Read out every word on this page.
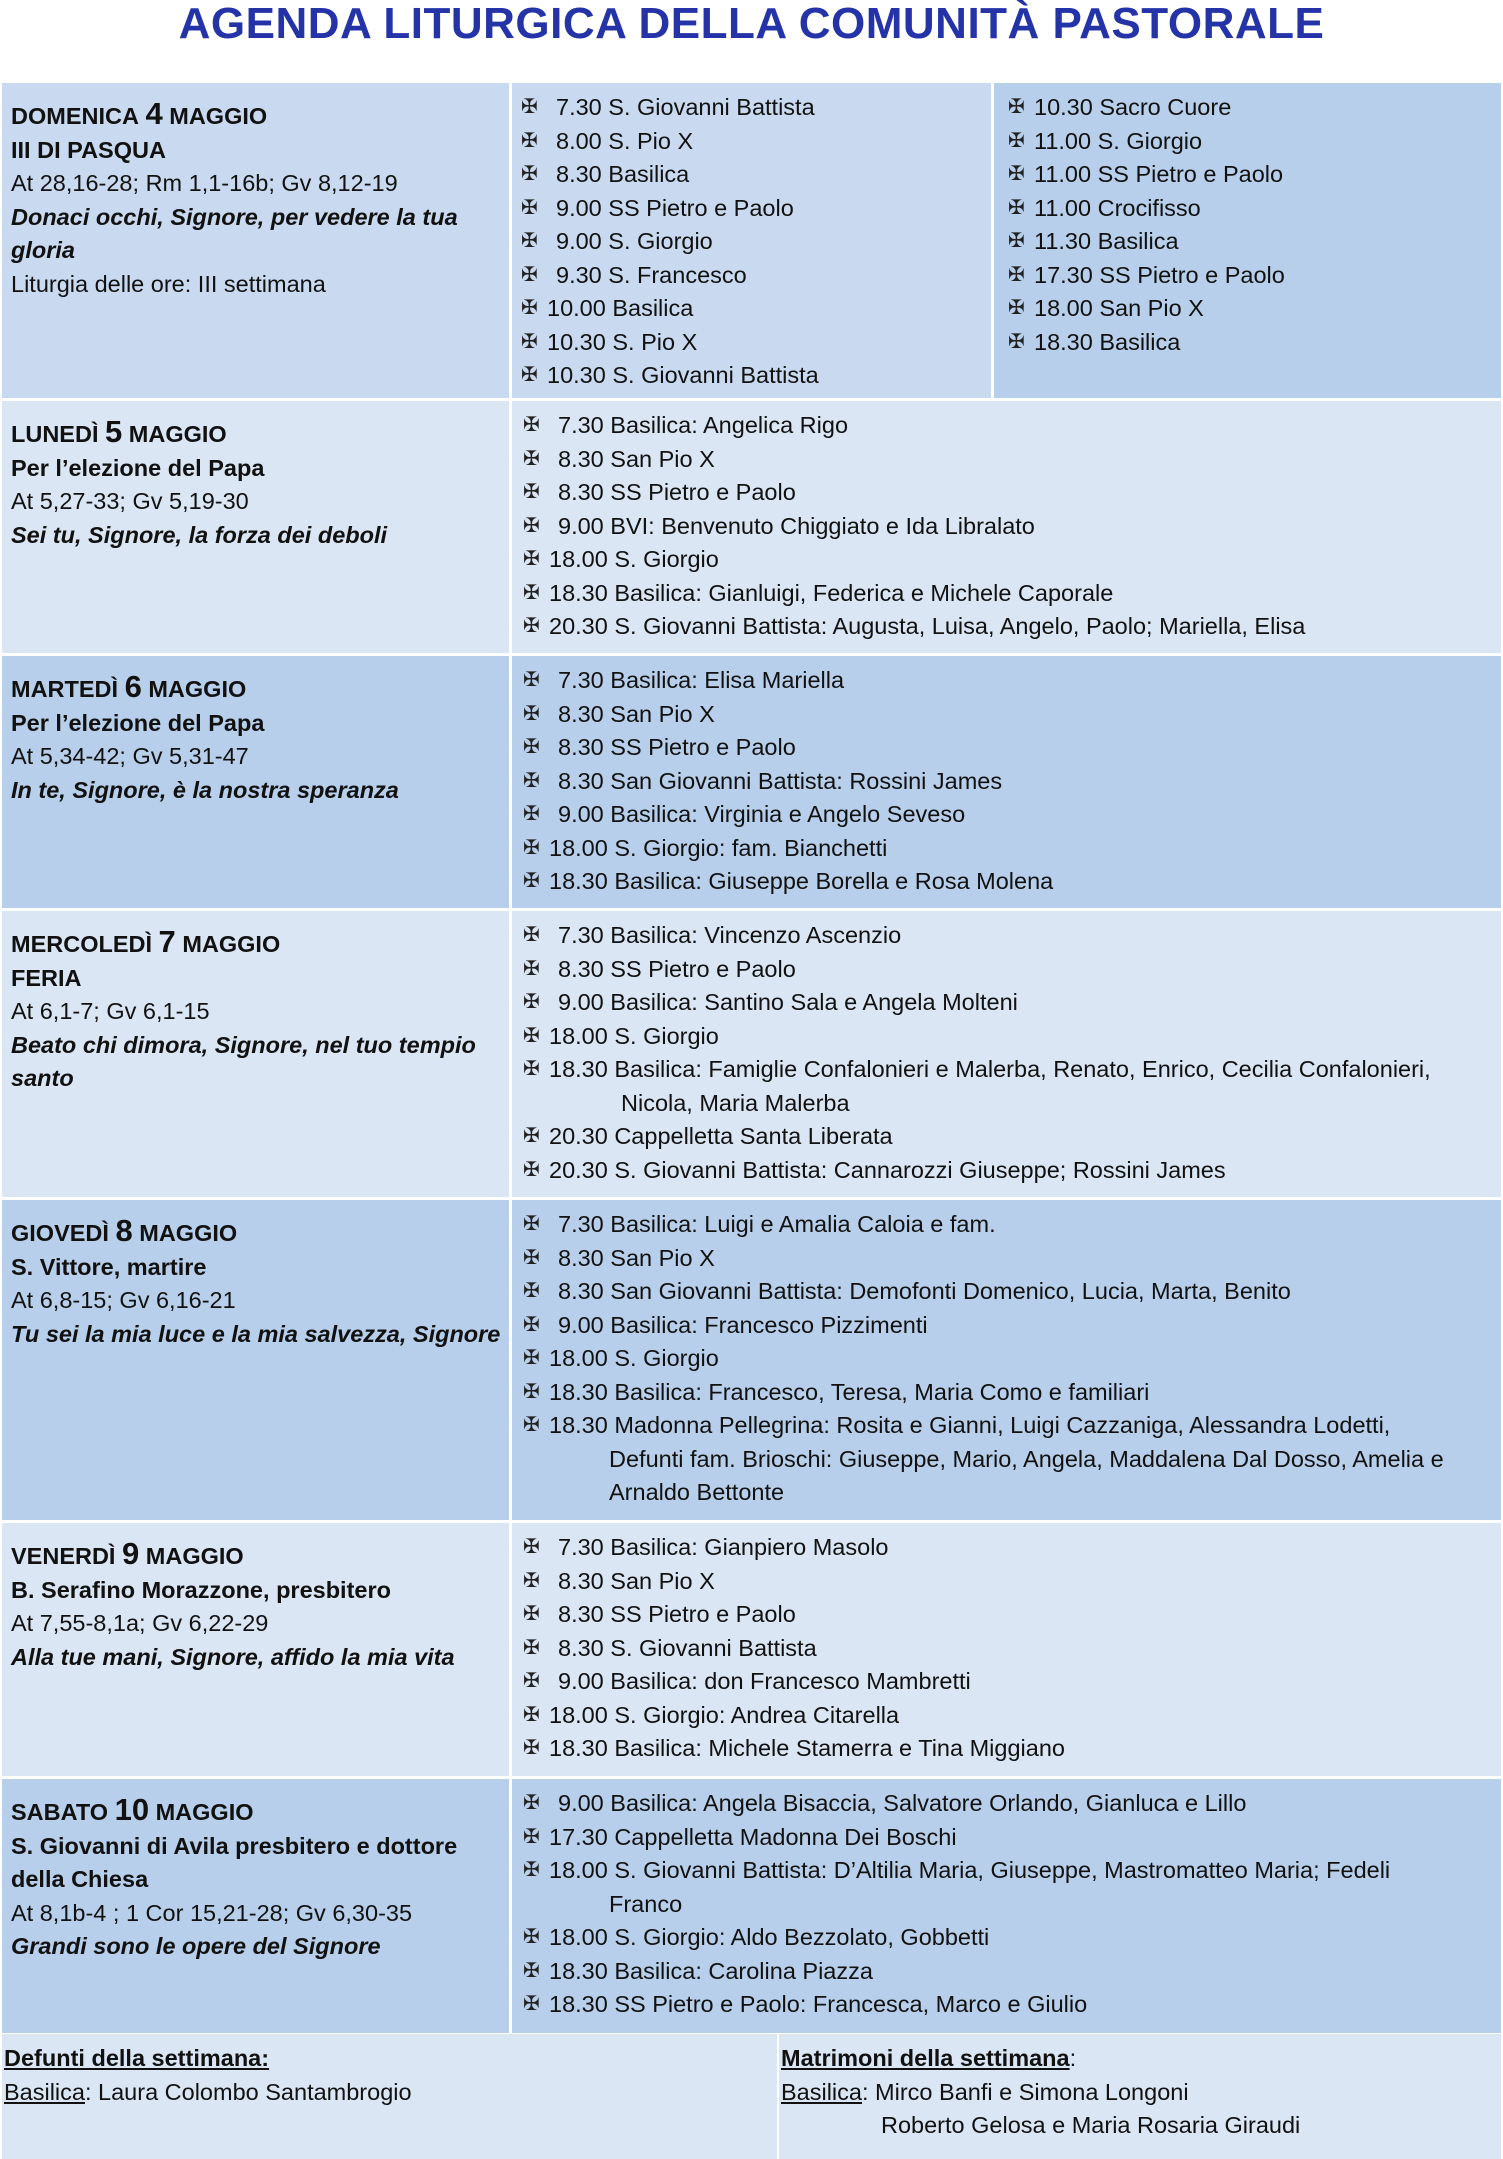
AGENDA LITURGICA DELLA COMUNITÀ PASTORALE
DOMENICA 4 MAGGIO
III DI PASQUA
At 28,16-28; Rm 1,1-16b; Gv 8,12-19
Donaci occhi, Signore, per vedere la tua gloria
Liturgia delle ore: III settimana
✠ 7.30 S. Giovanni Battista
✠ 8.00 S. Pio X
✠ 8.30 Basilica
✠ 9.00 SS Pietro e Paolo
✠ 9.00 S. Giorgio
✠ 9.30 S. Francesco
✠ 10.00 Basilica
✠ 10.30 S. Pio X
✠ 10.30 S. Giovanni Battista
✠ 10.30 Sacro Cuore
✠ 11.00 S. Giorgio
✠ 11.00 SS Pietro e Paolo
✠ 11.00 Crocifisso
✠ 11.30 Basilica
✠ 17.30 SS Pietro e Paolo
✠ 18.00 San Pio X
✠ 18.30 Basilica
LUNEDÌ 5 MAGGIO
Per l’elezione del Papa
At 5,27-33; Gv 5,19-30
Sei tu, Signore, la forza dei deboli
✠ 7.30 Basilica: Angelica Rigo
✠ 8.30 San Pio X
✠ 8.30 SS Pietro e Paolo
✠ 9.00 BVI: Benvenuto Chiggiato e Ida Libralato
✠ 18.00 S. Giorgio
✠ 18.30 Basilica: Gianluigi, Federica e Michele Caporale
✠ 20.30 S. Giovanni Battista: Augusta, Luisa, Angelo, Paolo; Mariella, Elisa
MARTEDÌ 6 MAGGIO
Per l’elezione del Papa
At 5,34-42; Gv 5,31-47
In te, Signore, è la nostra speranza
✠ 7.30 Basilica: Elisa Mariella
✠ 8.30 San Pio X
✠ 8.30 SS Pietro e Paolo
✠ 8.30 San Giovanni Battista: Rossini James
✠ 9.00 Basilica: Virginia e Angelo Seveso
✠ 18.00 S. Giorgio: fam. Bianchetti
✠ 18.30 Basilica: Giuseppe Borella e Rosa Molena
MERCOLEDÌ 7 MAGGIO
FERIA
At 6,1-7; Gv 6,1-15
Beato chi dimora, Signore, nel tuo tempio santo
✠ 7.30 Basilica: Vincenzo Ascenzio
✠ 8.30 SS Pietro e Paolo
✠ 9.00 Basilica: Santino Sala e Angela Molteni
✠ 18.00 S. Giorgio
✠ 18.30 Basilica: Famiglie Confalonieri e Malerba, Renato, Enrico, Cecilia Confalonieri,
Nicola, Maria Malerba
✠ 20.30 Cappelletta Santa Liberata
✠ 20.30 S. Giovanni Battista: Cannarozzi Giuseppe; Rossini James
GIOVEDÌ 8 MAGGIO
S. Vittore, martire
At 6,8-15; Gv 6,16-21
Tu sei la mia luce e la mia salvezza, Signore
✠ 7.30 Basilica: Luigi e Amalia Caloia e fam.
✠ 8.30 San Pio X
✠ 8.30 San Giovanni Battista: Demofonti Domenico, Lucia, Marta, Benito
✠ 9.00 Basilica: Francesco Pizzimenti
✠ 18.00 S. Giorgio
✠ 18.30 Basilica: Francesco, Teresa, Maria Como e familiari
✠ 18.30 Madonna Pellegrina: Rosita e Gianni, Luigi Cazzaniga, Alessandra Lodetti,
Defunti fam. Brioschi: Giuseppe, Mario, Angela, Maddalena Dal Dosso, Amelia e
Arnaldo Bettonte
VENERDÌ 9 MAGGIO
B. Serafino Morazzone, presbitero
At 7,55-8,1a; Gv 6,22-29
Alla tue mani, Signore, affido la mia vita
✠ 7.30 Basilica: Gianpiero Masolo
✠ 8.30 San Pio X
✠ 8.30 SS Pietro e Paolo
✠ 8.30 S. Giovanni Battista
✠ 9.00 Basilica: don Francesco Mambretti
✠ 18.00 S. Giorgio: Andrea Citarella
✠ 18.30 Basilica: Michele Stamerra e Tina Miggiano
SABATO 10 MAGGIO
S. Giovanni di Avila presbitero e dottore della Chiesa
At 8,1b-4 ; 1 Cor 15,21-28; Gv 6,30-35
Grandi sono le opere del Signore
✠ 9.00 Basilica: Angela Bisaccia, Salvatore Orlando, Gianluca e Lillo
✠ 17.30 Cappelletta Madonna Dei Boschi
✠ 18.00 S. Giovanni Battista: D’Altilia Maria, Giuseppe, Mastromatteo Maria; Fedeli
Franco
✠ 18.00 S. Giorgio: Aldo Bezzolato, Gobbetti
✠ 18.30 Basilica: Carolina Piazza
✠ 18.30 SS Pietro e Paolo: Francesca, Marco e Giulio
Defunti della settimana:
Basilica: Laura Colombo Santambrogio
Matrimoni della settimana:
Basilica: Mirco Banfi e Simona Longoni
Roberto Gelosa e Maria Rosaria Giraudi
